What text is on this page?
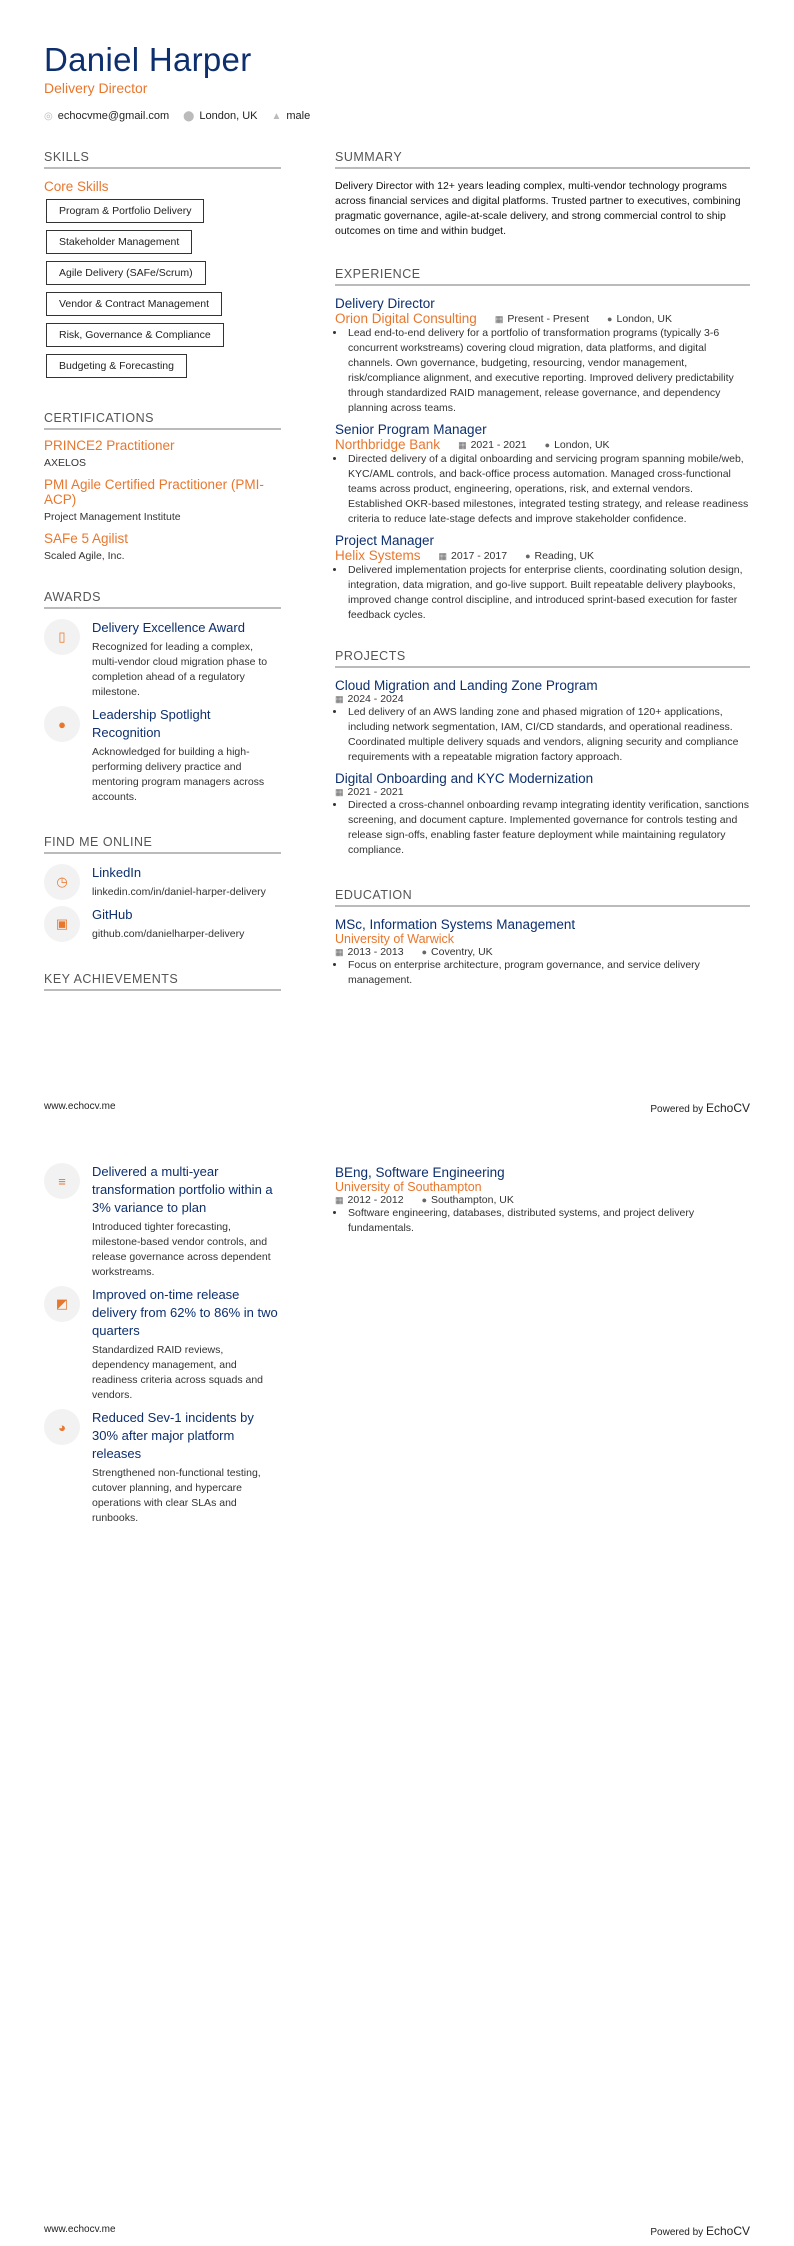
Daniel Harper
Delivery Director
◎ echocvme@gmail.com ⬤ London, UK ▲ male
SKILLS
Core Skills
Program & Portfolio Delivery
Stakeholder Management
Agile Delivery (SAFe/Scrum)
Vendor & Contract Management
Risk, Governance & Compliance
Budgeting & Forecasting
CERTIFICATIONS
PRINCE2 Practitioner
AXELOS
PMI Agile Certified Practitioner (PMI-ACP)
Project Management Institute
SAFe 5 Agilist
Scaled Agile, Inc.
AWARDS
▯
Delivery Excellence Award
Recognized for leading a complex, multi-vendor cloud migration phase to completion ahead of a regulatory milestone.
●
Leadership Spotlight Recognition
Acknowledged for building a high-performing delivery practice and mentoring program managers across accounts.
FIND ME ONLINE
◷
LinkedIn
linkedin.com/in/daniel-harper-delivery
▣
GitHub
github.com/danielharper-delivery
KEY ACHIEVEMENTS
SUMMARY
Delivery Director with 12+ years leading complex, multi-vendor technology programs across financial services and digital platforms. Trusted partner to executives, combining pragmatic governance, agile-at-scale delivery, and strong commercial control to ship outcomes on time and within budget.
EXPERIENCE
Delivery Director
Orion Digital Consulting ▦ Present - Present ● London, UK
• Lead end-to-end delivery for a portfolio of transformation programs (typically 3-6 concurrent workstreams) covering cloud migration, data platforms, and digital channels. Own governance, budgeting, resourcing, vendor management, risk/compliance alignment, and executive reporting. Improved delivery predictability through standardized RAID management, release governance, and dependency planning across teams.
Senior Program Manager
Northbridge Bank ▦ 2021 - 2021 ● London, UK
• Directed delivery of a digital onboarding and servicing program spanning mobile/web, KYC/AML controls, and back-office process automation. Managed cross-functional teams across product, engineering, operations, risk, and external vendors. Established OKR-based milestones, integrated testing strategy, and release readiness criteria to reduce late-stage defects and improve stakeholder confidence.
Project Manager
Helix Systems ▦ 2017 - 2017 ● Reading, UK
• Delivered implementation projects for enterprise clients, coordinating solution design, integration, data migration, and go-live support. Built repeatable delivery playbooks, improved change control discipline, and introduced sprint-based execution for faster feedback cycles.
PROJECTS
Cloud Migration and Landing Zone Program
▦ 2024 - 2024
• Led delivery of an AWS landing zone and phased migration of 120+ applications, including network segmentation, IAM, CI/CD standards, and operational readiness. Coordinated multiple delivery squads and vendors, aligning security and compliance requirements with a repeatable migration factory approach.
Digital Onboarding and KYC Modernization
▦ 2021 - 2021
• Directed a cross-channel onboarding revamp integrating identity verification, sanctions screening, and document capture. Implemented governance for controls testing and release sign-offs, enabling faster feature deployment while maintaining regulatory compliance.
EDUCATION
MSc, Information Systems Management
University of Warwick
▦ 2013 - 2013 ● Coventry, UK
• Focus on enterprise architecture, program governance, and service delivery management.
www.echocv.me	Powered by EchoCV
≡
Delivered a multi-year transformation portfolio within a 3% variance to plan
Introduced tighter forecasting, milestone-based vendor controls, and release governance across dependent workstreams.
◩
Improved on-time release delivery from 62% to 86% in two quarters
Standardized RAID reviews, dependency management, and readiness criteria across squads and vendors.
◕
Reduced Sev-1 incidents by 30% after major platform releases
Strengthened non-functional testing, cutover planning, and hypercare operations with clear SLAs and runbooks.
BEng, Software Engineering
University of Southampton
▦ 2012 - 2012 ● Southampton, UK
• Software engineering, databases, distributed systems, and project delivery fundamentals.
www.echocv.me	Powered by EchoCV
